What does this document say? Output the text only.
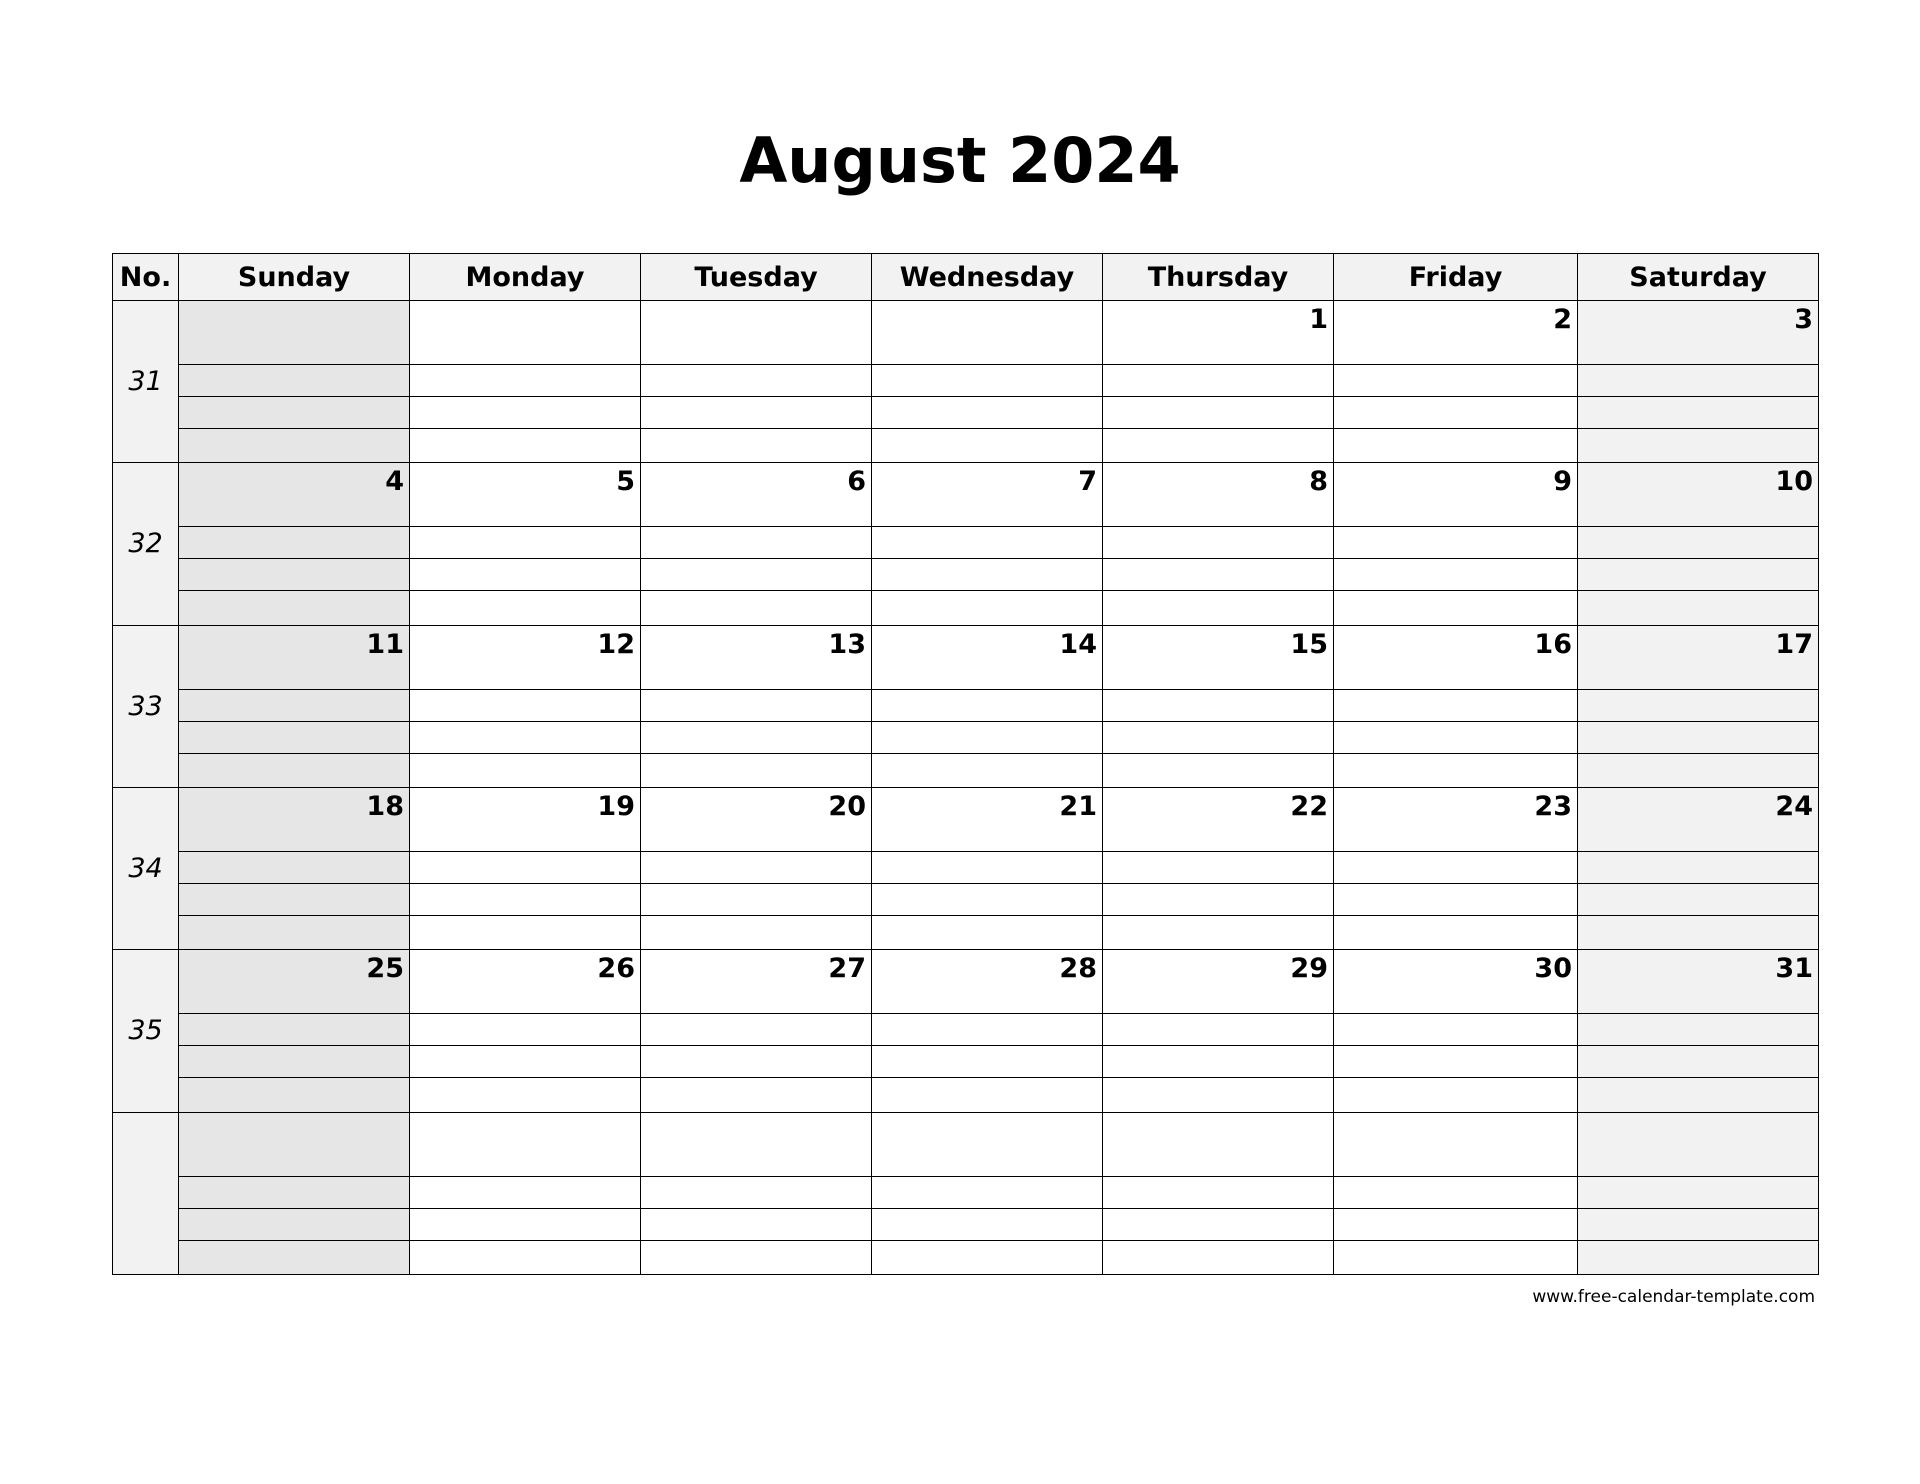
August 2024
No.	Sunday	Monday	Tuesday	Wednesday	Thursday	Friday	Saturday
31					1	2	3

32	4	5	6	7	8	9	10

33	11	12	13	14	15	16	17

34	18	19	20	21	22	23	24

35	25	26	27	28	29	30	31

www.free-calendar-template.com
